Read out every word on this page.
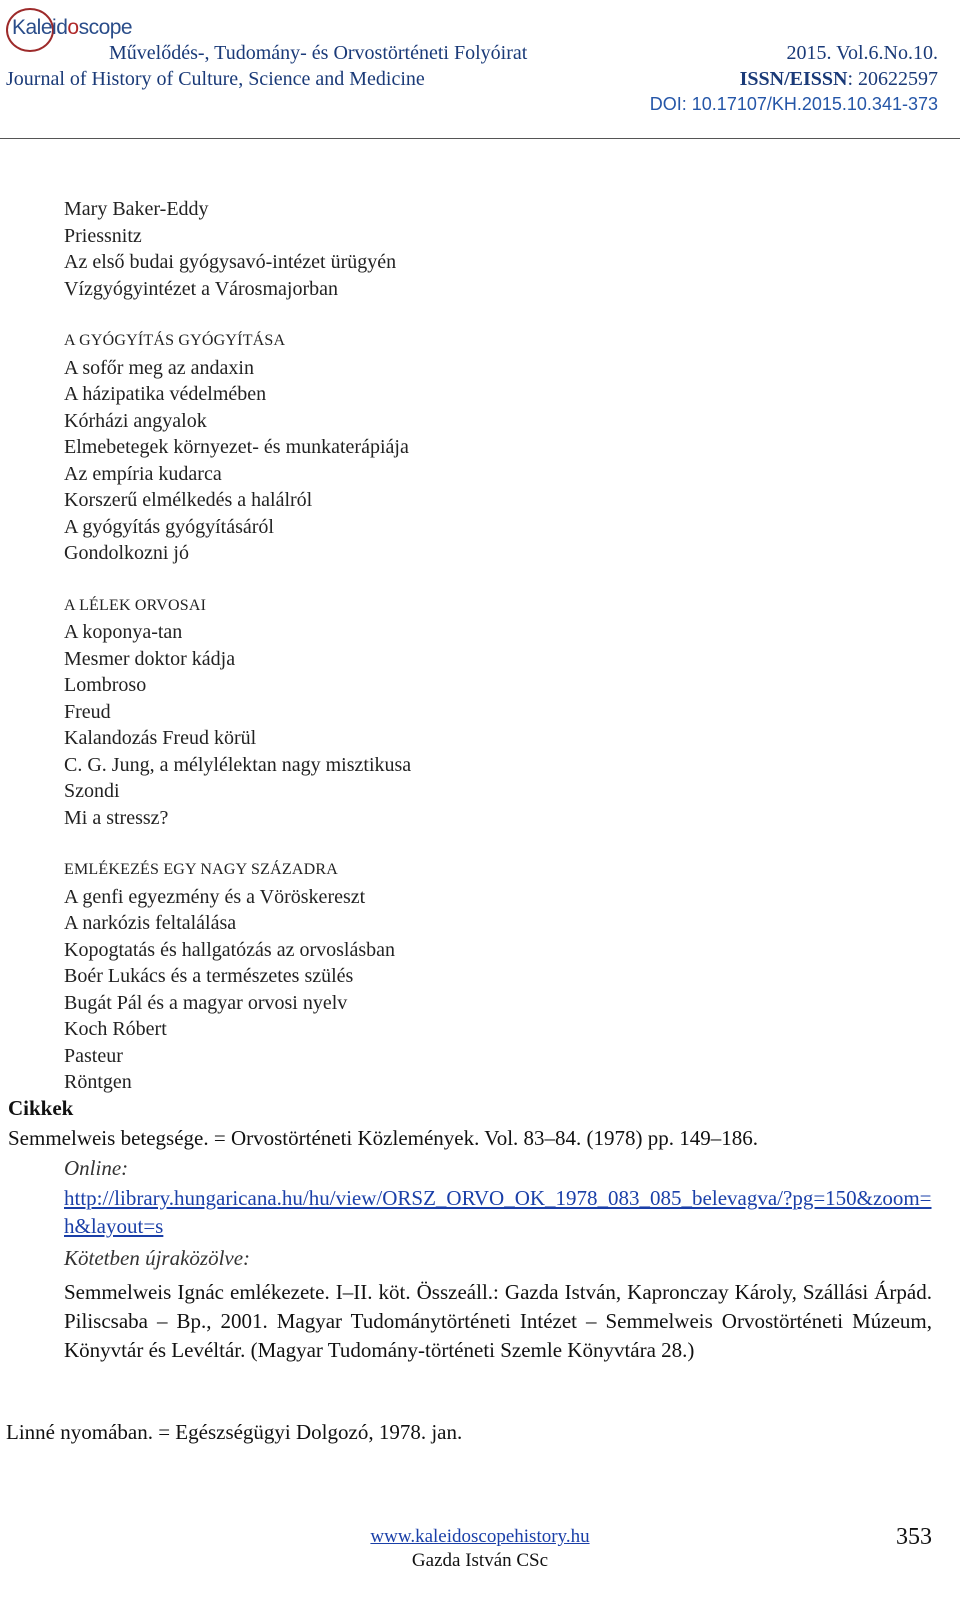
Kaleidoscope
Művelődés-, Tudomány- és Orvostörténeti Folyóirat
Journal of History of Culture, Science and Medicine
2015. Vol.6.No.10.
ISSN/EISSN: 20622597
DOI: 10.17107/KH.2015.10.341-373
Mary Baker-Eddy
Priessnitz
Az első budai gyógysavó-intézet ürügyén
Vízgyógyintézet a Városmajorban
A GYÓGYÍTÁS GYÓGYÍTÁSA
A sofőr meg az andaxin
A házipatika védelmében
Kórházi angyalok
Elmebetegek környezet- és munkaterápiája
Az empíria kudarca
Korszerű elmélkedés a halálról
A gyógyítás gyógyításáról
Gondolkozni jó
A LÉLEK ORVOSAI
A koponya-tan
Mesmer doktor kádja
Lombroso
Freud
Kalandozás Freud körül
C. G. Jung, a mélylélektan nagy misztikusa
Szondi
Mi a stressz?
EMLÉKEZÉS EGY NAGY SZÁZADRA
A genfi egyezmény és a Vöröskereszt
A narkózis feltalálása
Kopogtatás és hallgatózás az orvoslásban
Boér Lukács és a természetes szülés
Bugát Pál és a magyar orvosi nyelv
Koch Róbert
Pasteur
Röntgen
Cikkek
Semmelweis betegsége. = Orvostörténeti Közlemények. Vol. 83–84. (1978) pp. 149–186.
Online:
http://library.hungaricana.hu/hu/view/ORSZ_ORVO_OK_1978_083_085_belevagva/?pg=150&zoom=h&layout=s
Kötetben újraközölve:
Semmelweis Ignác emlékezete. I–II. köt. Összeáll.: Gazda István, Kapronczay Károly, Szállási Árpád. Piliscsaba – Bp., 2001. Magyar Tudománytörténeti Intézet – Semmelweis Orvostörténeti Múzeum, Könyvtár és Levéltár. (Magyar Tudomány-történeti Szemle Könyvtára 28.)
Linné nyomában. = Egészségügyi Dolgozó, 1978. jan.
www.kaleidoscopehistory.hu
Gazda István CSc
353
